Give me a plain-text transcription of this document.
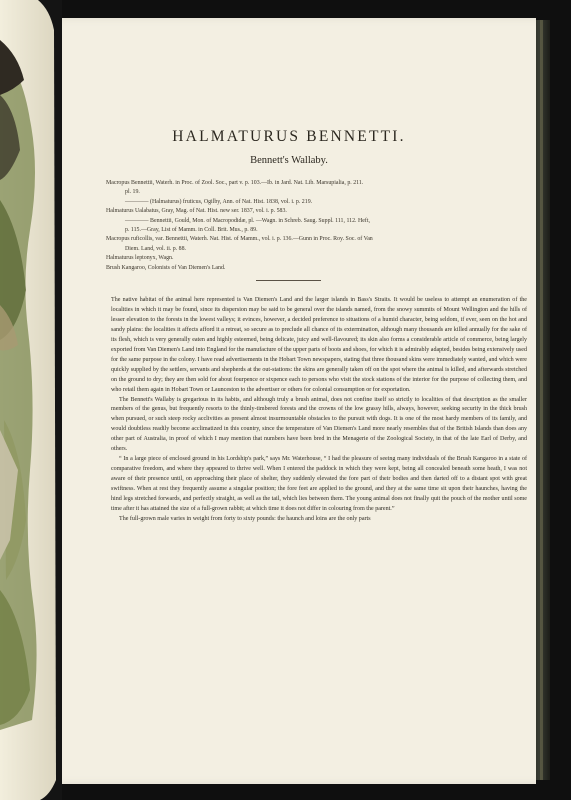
HALMATURUS BENNETTI.
Bennett's Wallaby.
Macropus Bennettii, Waterh. in Proc. of Zool. Soc., part v. p. 103.—Ib. in Jard. Nat. Lib. Marsupialia, p. 211.
pl. 19.
———— (Halmaturus) fruticus, Ogilby, Ann. of Nat. Hist. 1838, vol. i. p. 219.
Halmaturus Ualabatus, Gray, Mag. of Nat. Hist. new ser. 1837, vol. i. p. 583.
———— Bennettii, Gould, Mon. of Macropodidæ, pl. —Wagn. in Schreb. Saug. Suppl. 111, 112. Heft,
p. 115.—Gray, List of Mamm. in Coll. Brit. Mus., p. 89.
Macropus ruficollis, var. Bennettii, Waterh. Nat. Hist. of Mamm., vol. i. p. 136.—Gunn in Proc. Roy. Soc. of Van
Diem. Land, vol. ii. p. 88.
Halmaturus leptonyx, Wagn.
Brush Kangaroo, Colonists of Van Diemen's Land.

The native habitat of the animal here represented is Van Diemen's Land and the larger islands in Bass's Straits. It would be useless to attempt an enumeration of the localities in which it may be found, since its dispersion may be said to be general over the islands named, from the snowy summits of Mount Wellington and the hills of lesser elevation to the forests in the lowest valleys; it evinces, however, a decided preference to situations of a humid character, being seldom, if ever, seen on the hot and sandy plains: the localities it affects afford it a retreat, so secure as to preclude all chance of its extermination, although many thousands are killed annually for the sake of its flesh, which is very generally eaten and highly esteemed, being delicate, juicy and well-flavoured; its skin also forms a considerable article of commerce, being largely exported from Van Diemen's Land into England for the manufacture of the upper parts of boots and shoes, for which it is admirably adapted, besides being extensively used for the same purpose in the colony. I have read advertisements in the Hobart Town newspapers, stating that three thousand skins were immediately wanted, and which were quickly supplied by the settlers, servants and shepherds at the out-stations: the skins are generally taken off on the spot where the animal is killed, and afterwards stretched on the ground to dry; they are then sold for about fourpence or sixpence each to persons who visit the stock stations of the interior for the purpose of collecting them, and who retail them again in Hobart Town or Launceston to the advertiser or others for colonial consumption or for exportation.

The Bennett's Wallaby is gregarious in its habits, and although truly a brush animal, does not confine itself so strictly to localities of that description as the smaller members of the genus, but frequently resorts to the thinly-timbered forests and the crowns of the low grassy hills, always, however, seeking security in the thick brush when pursued, or such steep rocky acclivities as present almost insurmountable obstacles to the pursuit with dogs. It is one of the most hardy members of its family, and would doubtless readily become acclimatized in this country, since the temperature of Van Diemen's Land more nearly resembles that of the British Islands than does any other part of Australia, in proof of which I may mention that numbers have been bred in the Menagerie of the Zoological Society, in that of the late Earl of Derby, and others.

“ In a large piece of enclosed ground in his Lordship's park,” says Mr. Waterhouse, “ I had the pleasure of seeing many individuals of the Brush Kangaroo in a state of comparative freedom, and where they appeared to thrive well. When I entered the paddock in which they were kept, being all concealed beneath some heath, I was not aware of their presence until, on approaching their place of shelter, they suddenly elevated the fore part of their bodies and then darted off to a distant spot with great swiftness. When at rest they frequently assume a singular position; the fore feet are applied to the ground, and they at the same time sit upon their haunches, having the hind legs stretched forwards, and perfectly straight, as well as the tail, which lies between them. The young animal does not finally quit the pouch of the mother until some time after it has attained the size of a full-grown rabbit; at which time it does not differ in colouring from the parent.”

The full-grown male varies in weight from forty to sixty pounds: the haunch and loins are the only parts
